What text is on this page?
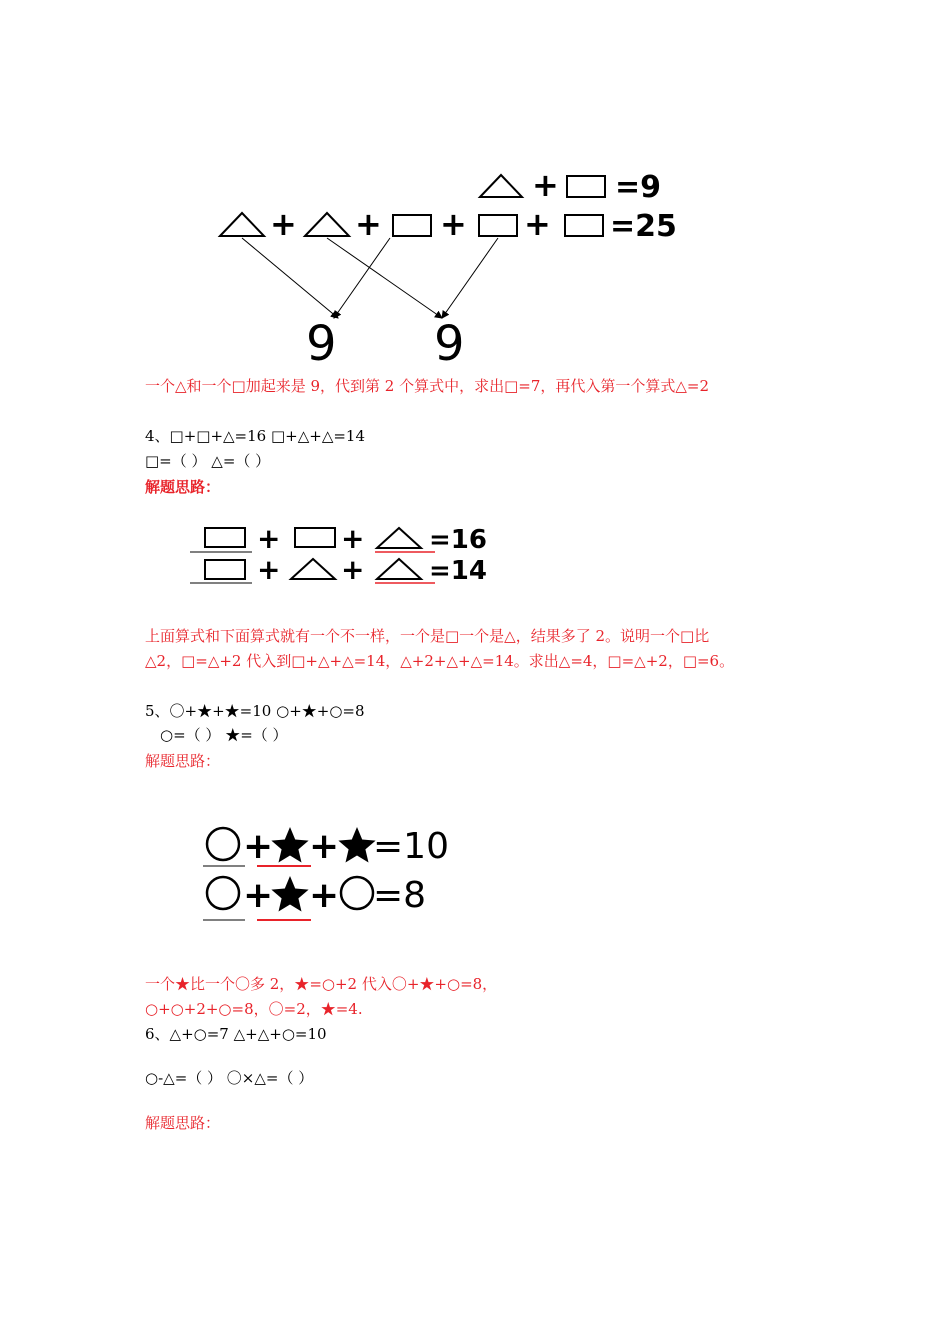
+ =9
+ + + + =25
9 9
一个△和一个□加起来是 9，代到第 2 个算式中，求出□=7，再代入第一个算式△=2
4、□+□+△=16 □+△+△=14
□=（ ） △=（ ）
解题思路：
+ + =16
+ + =14
上面算式和下面算式就有一个不一样，一个是□一个是△，结果多了 2。说明一个□比
△2，□=△+2 代入到□+△+△=14，△+2+△+△=14。求出△=4，□=△+2，□=6。
5、〇+★+★=10 ○+★+○=8
○=（ ） ★=（ ）
解题思路：
+ + =10
+ + =8
一个★比一个〇多 2，★=○+2 代入〇+★+○=8，
○+○+2+○=8，〇=2，★=4.
6、△+○=7 △+△+○=10
○-△=（ ） 〇×△=（ ）
解题思路：
